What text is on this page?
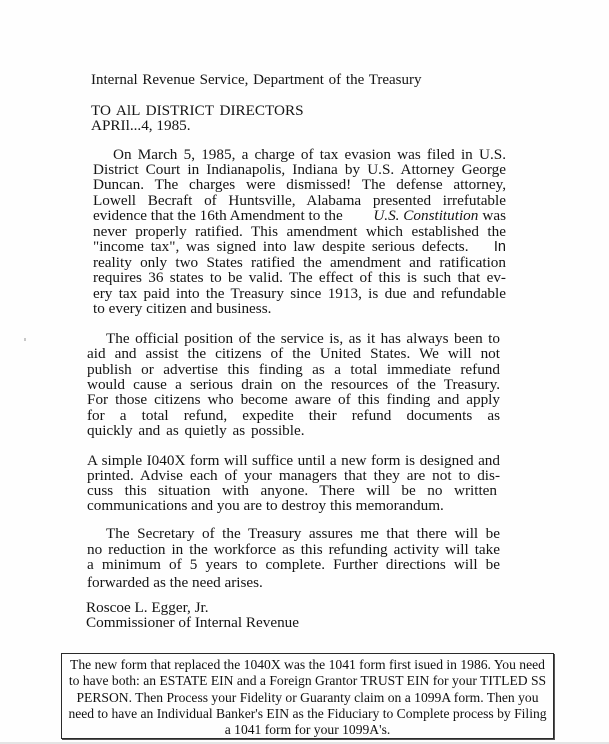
Internal Revenue Service, Department of the Treasury
TO AlL DISTRICT DIRECTORS
APRIl...4, 1985.
On March 5, 1985, a charge of tax evasion was filed in U.S.
District Court in Indianapolis, Indiana by U.S. Attorney George
Duncan. The charges were dismissed! The defense attorney,
Lowell Becraft of Huntsville, Alabama presented irrefutable
evidence that the 16th Amendment to the U.S. Constitution was
never properly ratified. This amendment which established the
"income tax", was signed into law despite serious defects. In
reality only two States ratified the amendment and ratification
requires 36 states to be valid. The effect of this is such that ev-
ery tax paid into the Treasury since 1913, is due and refundable
to every citizen and business.
The official position of the service is, as it has always been to
aid and assist the citizens of the United States. We will not
publish or advertise this finding as a total immediate refund
would cause a serious drain on the resources of the Treasury.
For those citizens who become aware of this finding and apply
for a total refund, expedite their refund documents as
quickly and as quietly as possible.
A simple I040X form will suffice until a new form is designed and
printed. Advise each of your managers that they are not to dis-
cuss this situation with anyone. There will be no written
communications and you are to destroy this memorandum.
The Secretary of the Treasury assures me that there will be
no reduction in the workforce as this refunding activity will take
a minimum of 5 years to complete. Further directions will be
forwarded as the need arises.
Roscoe L. Egger, Jr.
Commissioner of Internal Revenue
The new form that replaced the 1040X was the 1041 form first isued in 1986. You need
to have both: an ESTATE EIN and a Foreign Grantor TRUST EIN for your TITLED SS
PERSON. Then Process your Fidelity or Guaranty claim on a 1099A form. Then you
need to have an Individual Banker's EIN as the Fiduciary to Complete process by Filing
a 1041 form for your 1099A's.
